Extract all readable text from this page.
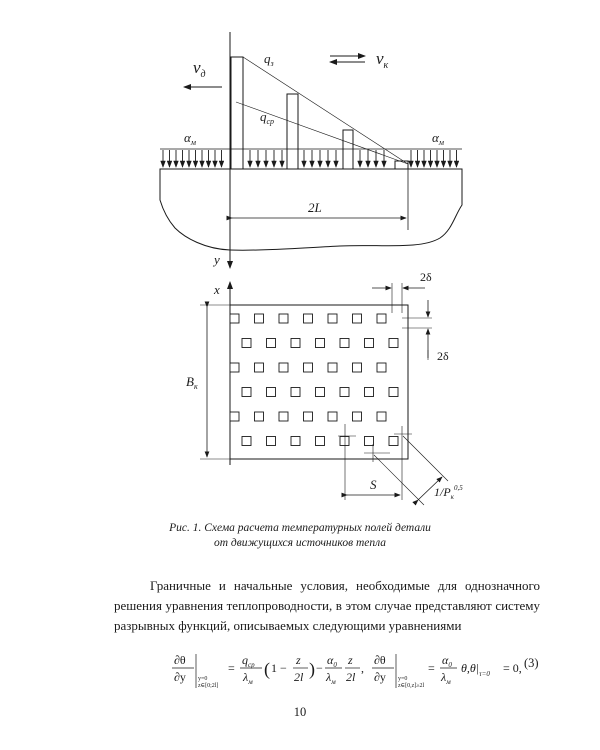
$v_д$
$v_к$
y
$q_з$
$q_{ср}$
$\alpha_м$	$\alpha_м$
2L
x
$B_к$
2δ
2δ
S	$1/P_к^{0,5}$
Рис. 1. Схема расчета температурных полей детали
от движущихся источников тепла

Граничные и начальные условия, необходимые для однозначного решения уравнения теплопроводности, в этом случае представляют систему разрывных функций, описываемых следующими уравнениями

∂θ
∂y y=0
z∈[0;2l]
=
$q_{ср}$
$\lambda_м$
( 1 −
z
2l ) −
$\alpha_0$
$\lambda_м$
z
2l
,
∂θ
∂y y=0
z∈[0,z]≥2l
=
$\alpha_0$
$\lambda_м$
$\theta,\theta|_{\tau=0} = 0$, (3)
10
